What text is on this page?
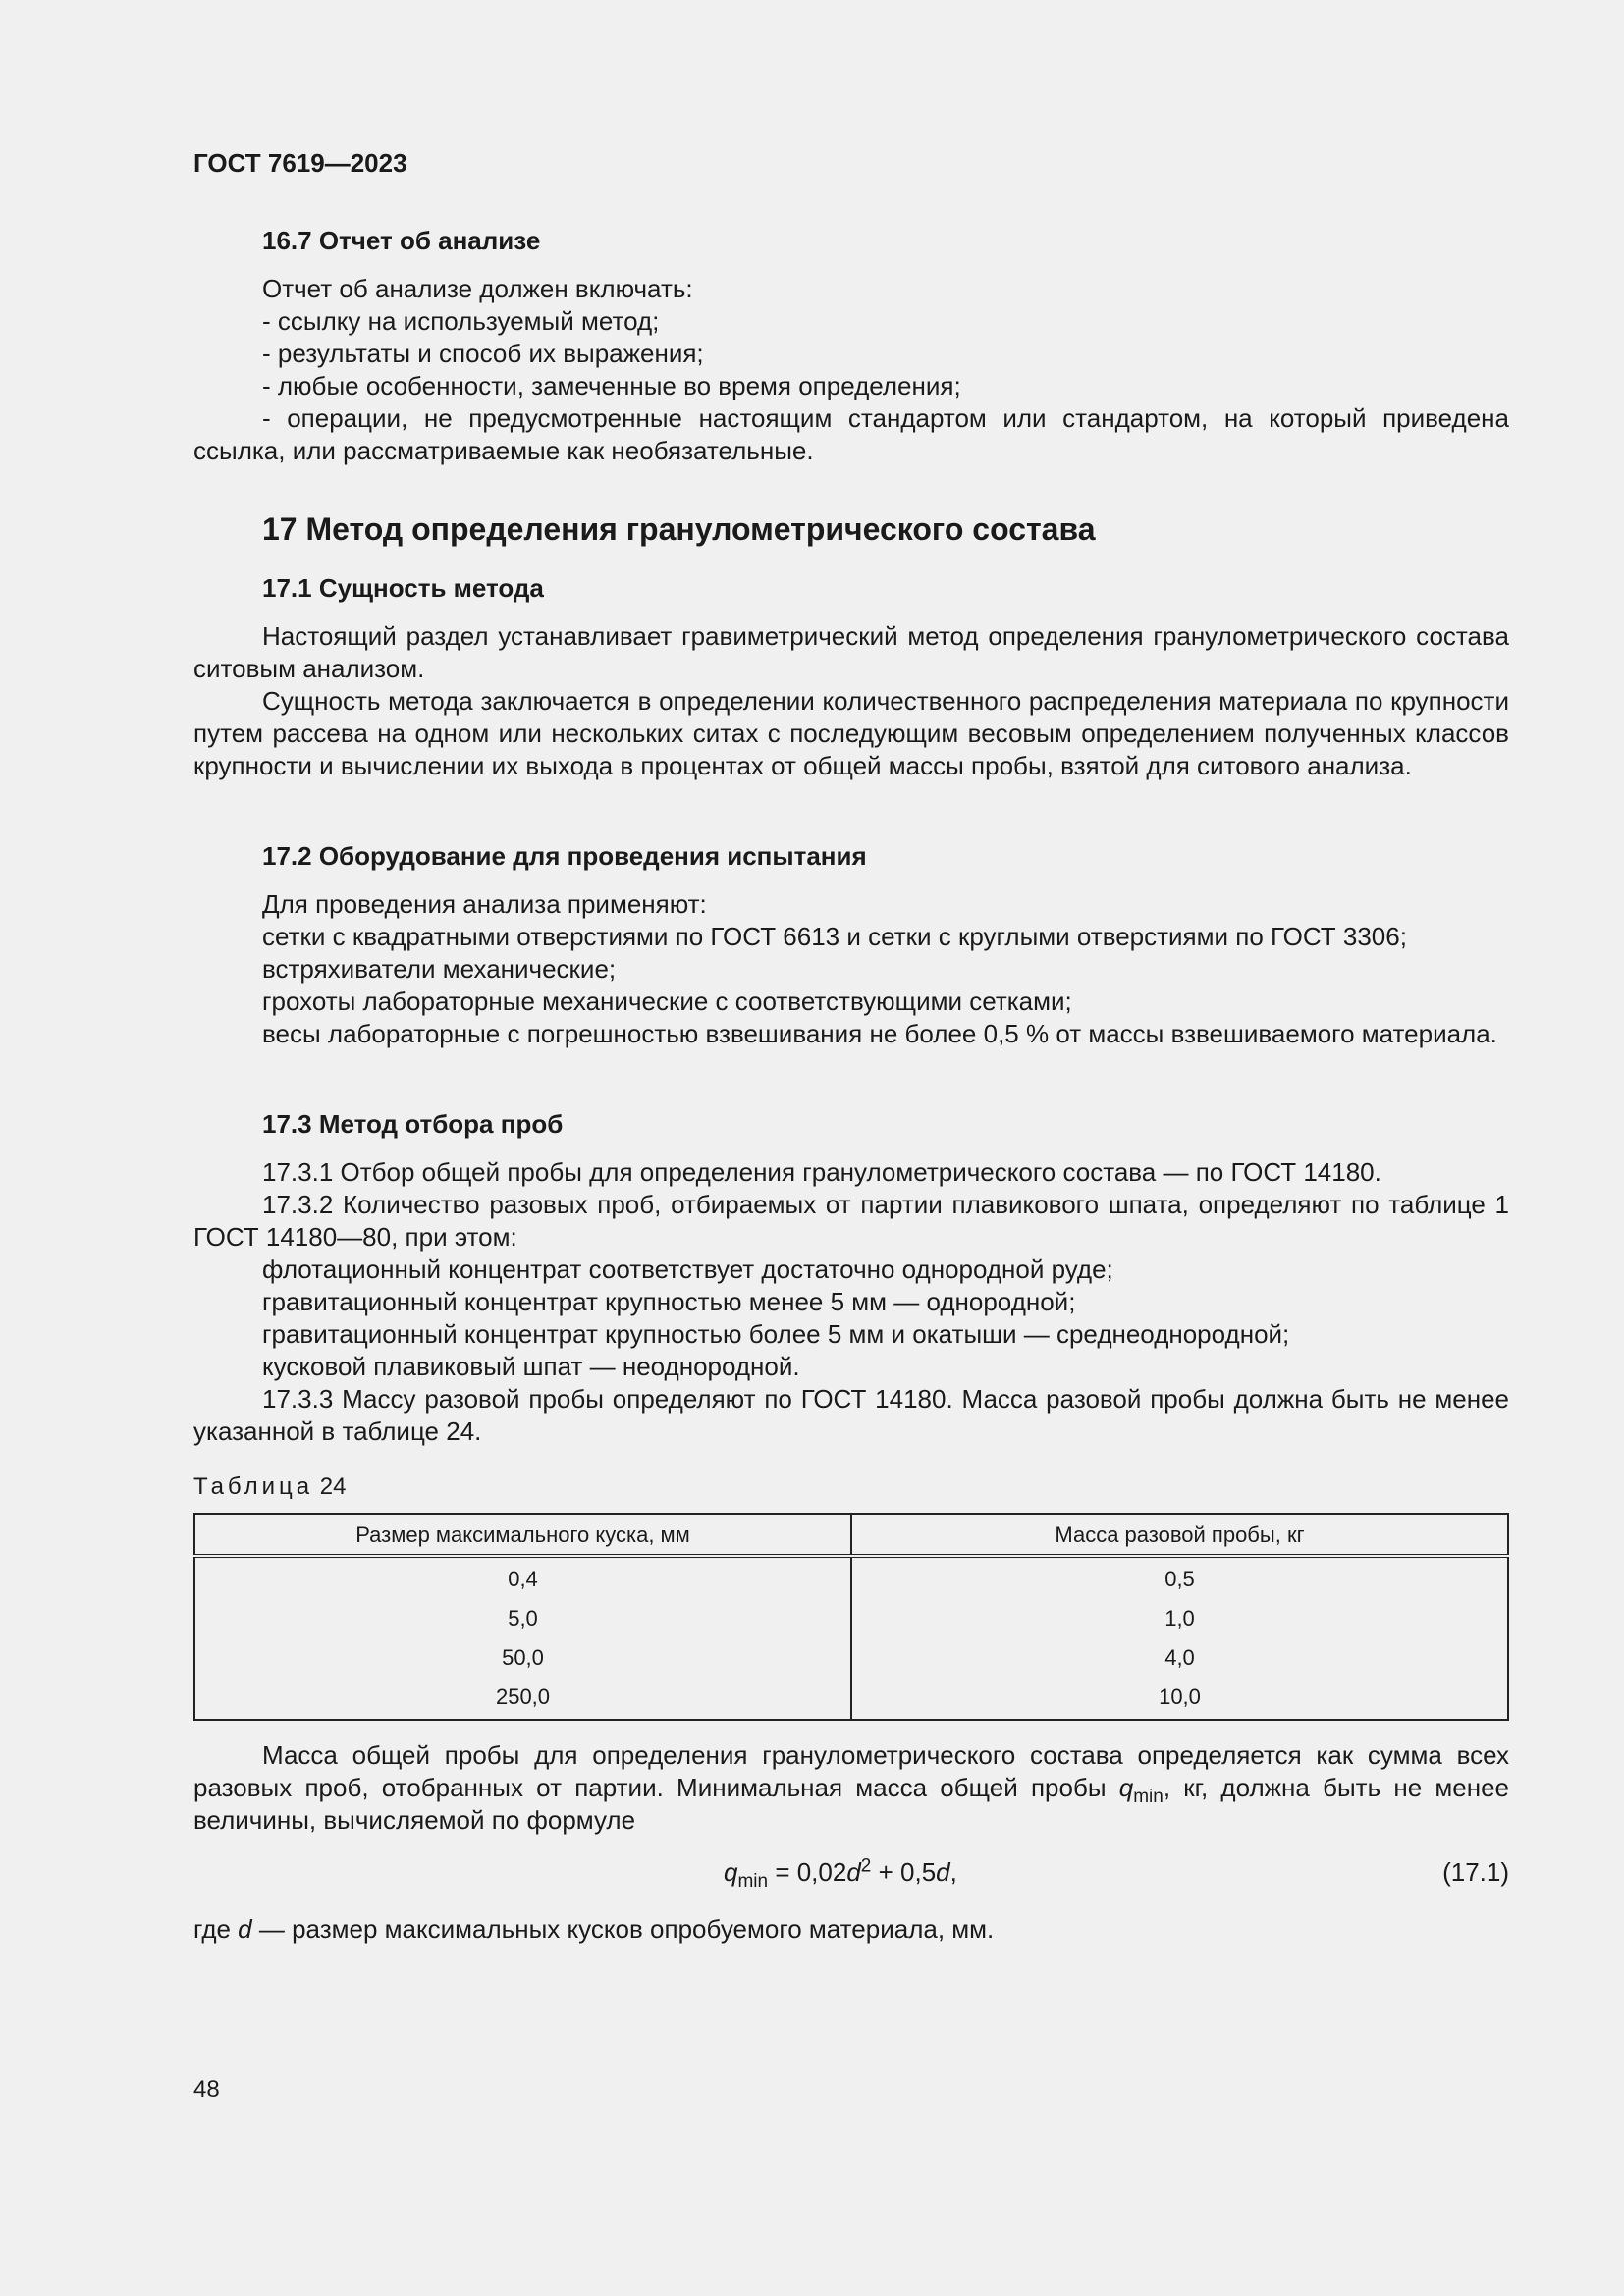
ГОСТ 7619—2023

16.7 Отчет об анализе

Отчет об анализе должен включать:

- ссылку на используемый метод;

- результаты и способ их выражения;

- любые особенности, замеченные во время определения;

- операции, не предусмотренные настоящим стандартом или стандартом, на который приведена ссылка, или рассматриваемые как необязательные.

17 Метод определения гранулометрического состава

17.1 Сущность метода

Настоящий раздел устанавливает гравиметрический метод определения гранулометрического состава ситовым анализом.

Сущность метода заключается в определении количественного распределения материала по крупности путем рассева на одном или нескольких ситах с последующим весовым определением полученных классов крупности и вычислении их выхода в процентах от общей массы пробы, взятой для ситового анализа.

17.2 Оборудование для проведения испытания

Для проведения анализа применяют:

сетки с квадратными отверстиями по ГОСТ 6613 и сетки с круглыми отверстиями по ГОСТ 3306;

встряхиватели механические;

грохоты лабораторные механические с соответствующими сетками;

весы лабораторные с погрешностью взвешивания не более 0,5 % от массы взвешиваемого материала.

17.3 Метод отбора проб

17.3.1 Отбор общей пробы для определения гранулометрического состава — по ГОСТ 14180.

17.3.2 Количество разовых проб, отбираемых от партии плавикового шпата, определяют по таблице 1 ГОСТ 14180—80, при этом:

флотационный концентрат соответствует достаточно однородной руде;

гравитационный концентрат крупностью менее 5 мм — однородной;

гравитационный концентрат крупностью более 5 мм и окатыши — среднеоднородной;

кусковой плавиковый шпат — неоднородной.

17.3.3 Массу разовой пробы определяют по ГОСТ 14180. Масса разовой пробы должна быть не менее указанной в таблице 24.

Таблица 24

Размер максимального куска, мм	Масса разовой пробы, кг
0,4	0,5
5,0	1,0
50,0	4,0
250,0	10,0

Масса общей пробы для определения гранулометрического состава определяется как сумма всех разовых проб, отобранных от партии. Минимальная масса общей пробы $q_{min}$, кг, должна быть не менее величины, вычисляемой по формуле

$q_{min} = 0,02d^2 + 0,5d$,	(17.1)

где d — размер максимальных кусков опробуемого материала, мм.

48
